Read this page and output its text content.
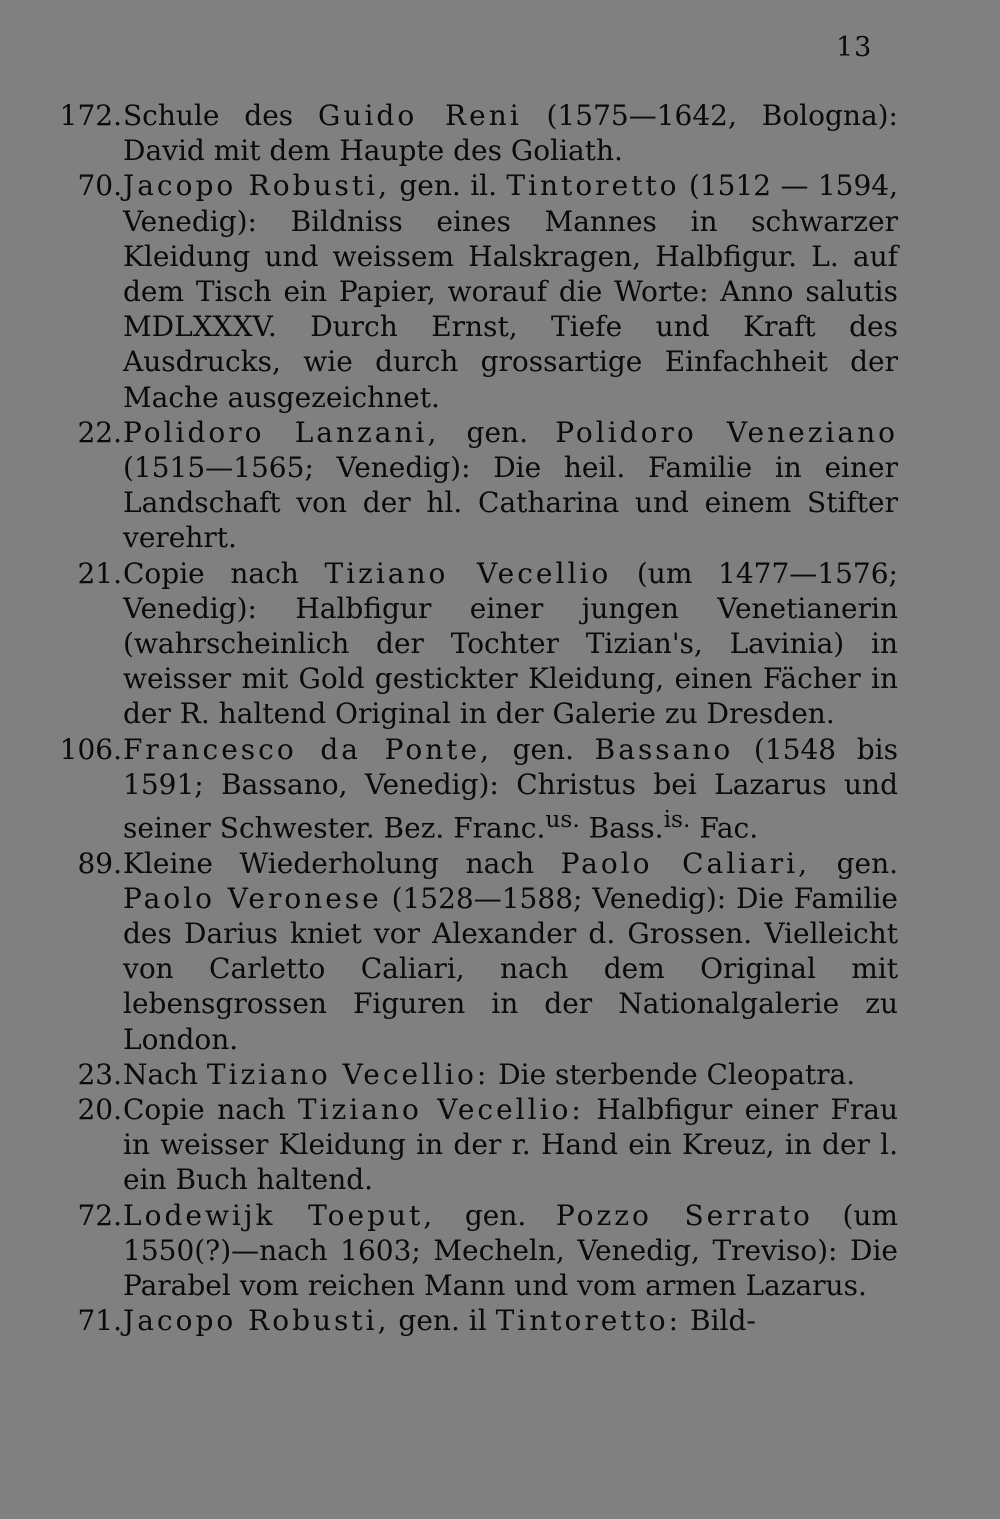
13
172. Schule des Guido Reni (1575—1642, Bologna): David mit dem Haupte des Goliath.
70. Jacopo Robusti, gen. il. Tintoretto (1512 — 1594, Venedig): Bildniss eines Mannes in schwarzer Kleidung und weissem Halskragen, Halbfigur. L. auf dem Tisch ein Papier, worauf die Worte: Anno salutis MDLXXXV. Durch Ernst, Tiefe und Kraft des Ausdrucks, wie durch grossartige Einfachheit der Mache ausgezeichnet.
22. Polidoro Lanzani, gen. Polidoro Veneziano (1515—1565; Venedig): Die heil. Familie in einer Landschaft von der hl. Catharina und einem Stifter verehrt.
21. Copie nach Tiziano Vecellio (um 1477—1576; Venedig): Halbfigur einer jungen Venetianerin (wahrscheinlich der Tochter Tizian's, Lavinia) in weisser mit Gold gestickter Kleidung, einen Fächer in der R. haltend Original in der Galerie zu Dresden.
106. Francesco da Ponte, gen. Bassano (1548 bis 1591; Bassano, Venedig): Christus bei Lazarus und seiner Schwester. Bez. Franc.$^{us.}$ Bass.$^{is.}$ Fac.
89. Kleine Wiederholung nach Paolo Caliari, gen. Paolo Veronese (1528—1588; Venedig): Die Familie des Darius kniet vor Alexander d. Grossen. Vielleicht von Carletto Caliari, nach dem Original mit lebensgrossen Figuren in der Nationalgalerie zu London.
23. Nach Tiziano Vecellio: Die sterbende Cleopatra.
20. Copie nach Tiziano Vecellio: Halbfigur einer Frau in weisser Kleidung in der r. Hand ein Kreuz, in der l. ein Buch haltend.
72. Lodewijk Toeput, gen. Pozzo Serrato (um 1550(?)—nach 1603; Mecheln, Venedig, Treviso): Die Parabel vom reichen Mann und vom armen Lazarus.
71. Jacopo Robusti, gen. il Tintoretto: Bild-
